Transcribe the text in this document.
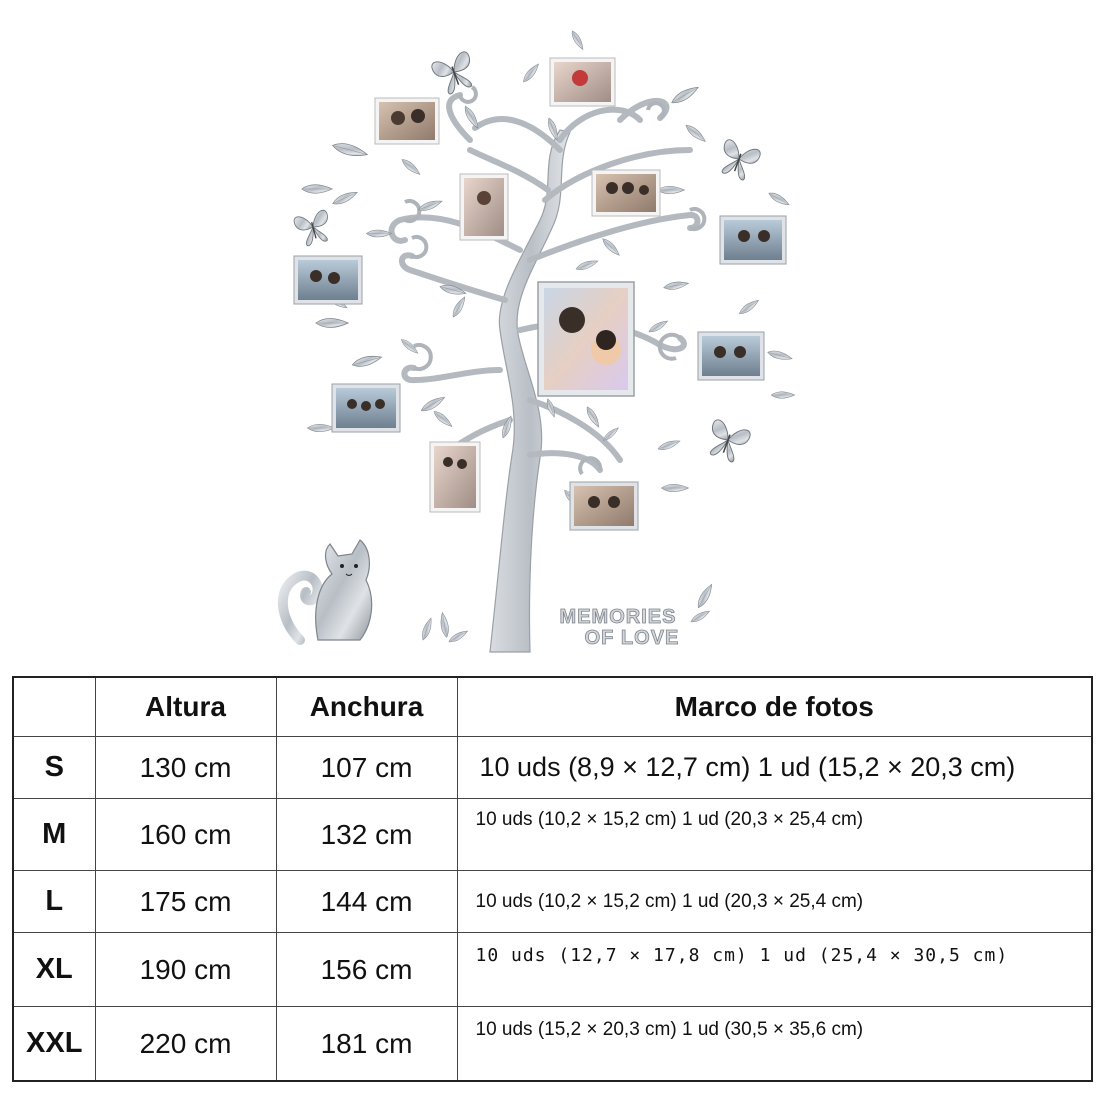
MEMORIES
OF LOVE
	Altura	Anchura	Marco de fotos
S	130 cm	107 cm	10 uds (8,9 × 12,7 cm) 1 ud (15,2 × 20,3 cm)
M	160 cm	132 cm	10 uds (10,2 × 15,2 cm) 1 ud (20,3 × 25,4 cm)
L	175 cm	144 cm	10 uds (10,2 × 15,2 cm) 1 ud (20,3 × 25,4 cm)
XL	190 cm	156 cm	10 uds (12,7 × 17,8 cm) 1 ud (25,4 × 30,5 cm)
XXL	220 cm	181 cm	10 uds (15,2 × 20,3 cm) 1 ud (30,5 × 35,6 cm)
